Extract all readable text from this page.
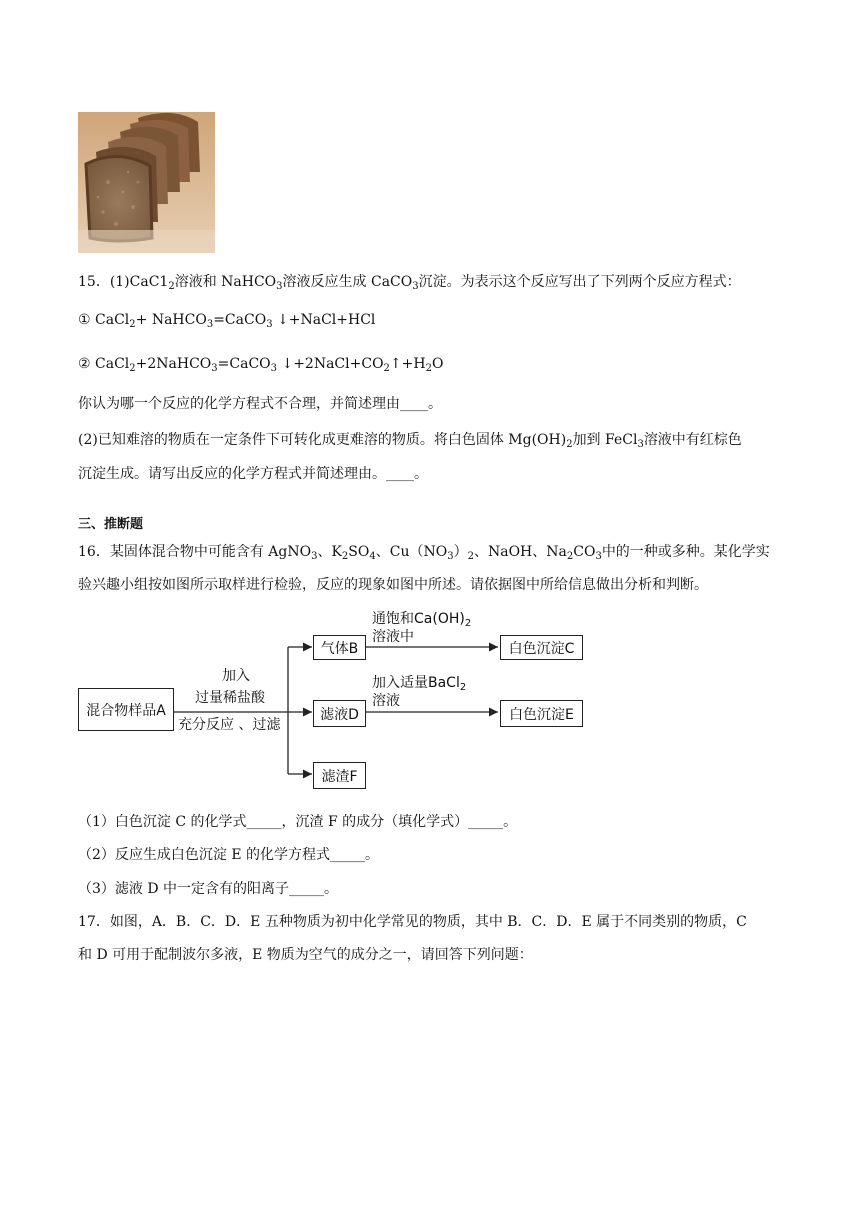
15．$(1)CaC1_2$溶液和 NaHCO$_3$溶液反应生成 CaCO$_3$沉淀。为表示这个反应写出了下列两个反应方程式：
① CaCl$_2$+ NaHCO$_3$=CaCO$_3$ ↓+NaCl+HCl
② CaCl$_2$+2NaHCO$_3$=CaCO$_3$ $↓+2NaCl+CO_2↑+H_2O$
你认为哪一个反应的化学方程式不合理，并简述理由____。
(2)已知难溶的物质在一定条件下可转化成更难溶的物质。将白色固体 $Mg(OH)_2$加到 FeCl$_3$溶液中有红棕色
沉淀生成。请写出反应的化学方程式并简述理由。____。
三、推断题
16．某固体混合物中可能含有 AgNO$_3$、$K_2SO_4$、$Cu(NO_3)_2$、NaOH、$Na_2CO_3$中的一种或多种。某化学实
验兴趣小组按如图所示取样进行检验，反应的现象如图中所述。请依据图中所给信息做出分析和判断。
混合物样品A
气体B
滤液D
滤渣F
白色沉淀C
白色沉淀E
加入
过量稀盐酸
充分反应 、过滤
通饱和$Ca(OH)_2$
溶液中
加入适量BaCl$_2$
溶液
（1）白色沉淀 C 的化学式_____，沉渣 F 的成分（填化学式）_____。
（2）反应生成白色沉淀 E 的化学方程式_____。
（3）滤液 D 中一定含有的阳离子_____。
17．如图，A．B．C．D．E 五种物质为初中化学常见的物质，其中 B．C．D．E 属于不同类别的物质，C
和 D 可用于配制波尔多液，E 物质为空气的成分之一，请回答下列问题：
